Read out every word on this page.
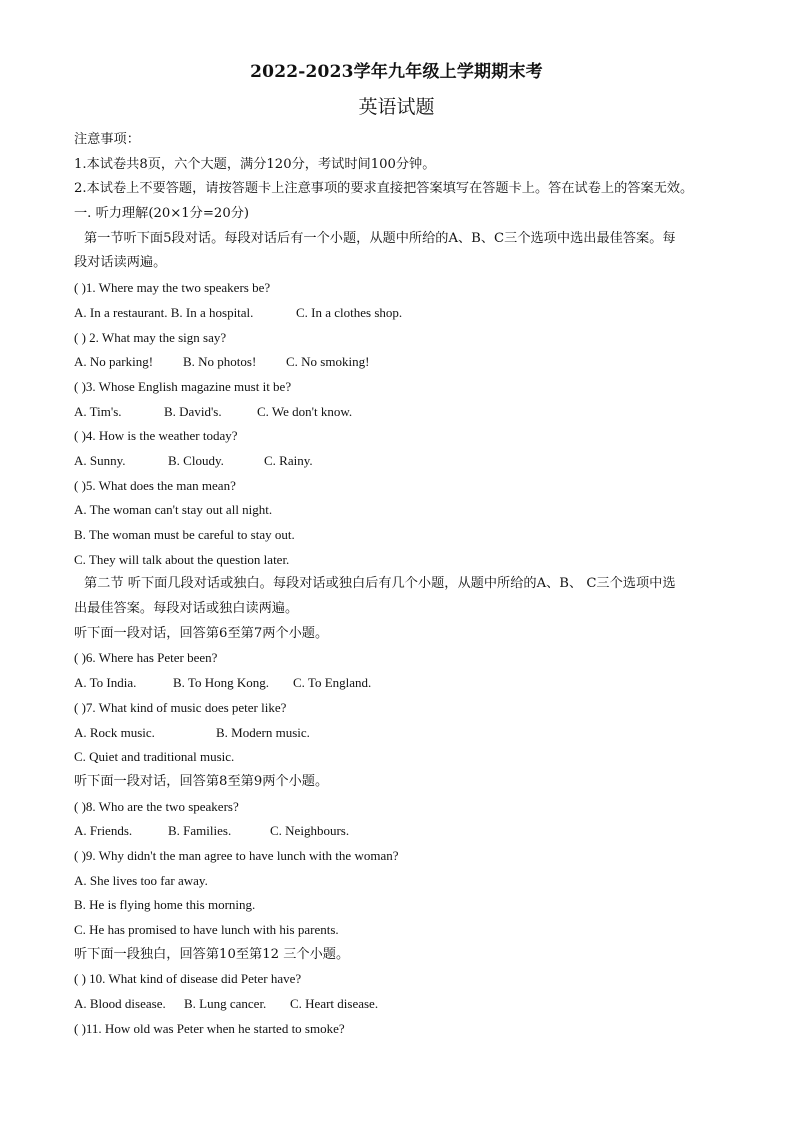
2022-2023学年九年级上学期期末考
英语试题
注意事项：
1.本试卷共8页，六个大题，满分120分，考试时间100分钟。
2.本试卷上不要答题，请按答题卡上注意事项的要求直接把答案填写在答题卡上。答在试卷上的答案无效。
一. 听力理解(20×1分=20分)
第一节听下面5段对话。每段对话后有一个小题，从题中所给的A、B、C三个选项中选出最佳答案。每
段对话读两遍。
( )1. Where may the two speakers be?
A. In a restaurant. B. In a hospital.	C. In a clothes shop.
( ) 2. What may the sign say?
A. No parking! B. No photos! C. No smoking!
( )3. Whose English magazine must it be?
A. Tim's.	B. David's.	C. We don't know.
( )4. How is the weather today?
A. Sunny.	B. Cloudy.	C. Rainy.
( )5. What does the man mean?
A. The woman can't stay out all night.
B. The woman must be careful to stay out.
C. They will talk about the question later.
第二节 听下面几段对话或独白。每段对话或独白后有几个小题，从题中所给的A、B、 C三个选项中选
出最佳答案。每段对话或独白读两遍。
听下面一段对话，回答第6至第7两个小题。
( )6. Where has Peter been?
A. To India.	B. To Hong Kong. C. To England.
( )7. What kind of music does peter like?
A. Rock music.	B. Modern music.
C. Quiet and traditional music.
听下面一段对话，回答第8至第9两个小题。
( )8. Who are the two speakers?
A. Friends.	B. Families.	C. Neighbours.
( )9. Why didn't the man agree to have lunch with the woman?
A. She lives too far away.
B. He is flying home this morning.
C. He has promised to have lunch with his parents.
听下面一段独白，回答第10至第12 三个小题。
( ) 10. What kind of disease did Peter have?
A. Blood disease. B. Lung cancer. C. Heart disease.
( )11. How old was Peter when he started to smoke?
